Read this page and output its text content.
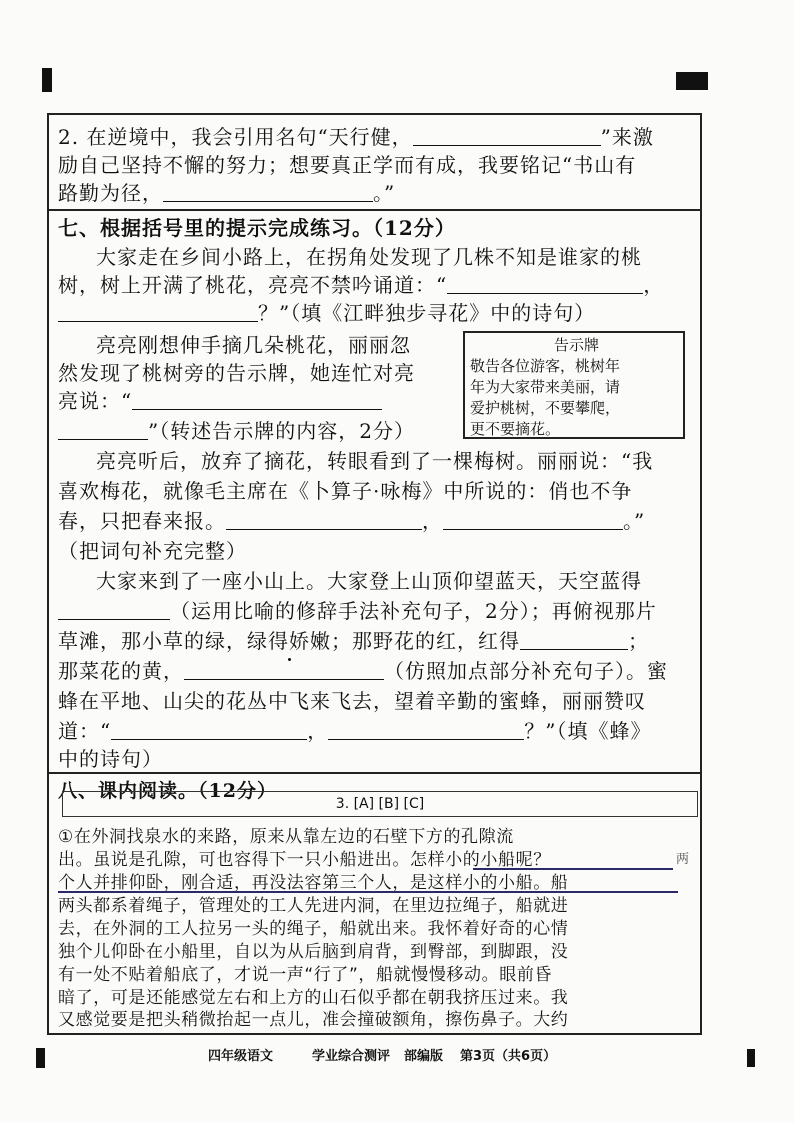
2. 在逆境中，我会引用名句“天行健，	”来激
励自己坚持不懈的努力；想要真正学而有成，我要铭记“书山有
路勤为径，	。”
七、根据括号里的提示完成练习。（12分）
大家走在乡间小路上，在拐角处发现了几株不知是谁家的桃
树，树上开满了桃花，亮亮不禁吟诵道：“	，
？”（填《江畔独步寻花》中的诗句）
亮亮刚想伸手摘几朵桃花，丽丽忽
然发现了桃树旁的告示牌，她连忙对亮
亮说：“
”（转述告示牌的内容，2分）
告示牌
敬告各位游客，桃树年
年为大家带来美丽，请
爱护桃树，不要攀爬，
更不要摘花。
亮亮听后，放弃了摘花，转眼看到了一棵梅树。丽丽说：“我
喜欢梅花，就像毛主席在《卜算子·咏梅》中所说的：俏也不争
春，只把春来报。	，	。”
（把词句补充完整）
大家来到了一座小山上。大家登上山顶仰望蓝天，天空蓝得
（运用比喻的修辞手法补充句子，2分）；再俯视那片
草滩，那小草的绿，绿得娇嫩；那野花的红，红得	；
那菜花的黄，	（仿照加点部分补充句子）。蜜
蜂在平地、山尖的花丛中飞来飞去，望着辛勤的蜜蜂，丽丽赞叹
道：“	，	？”（填《蜂》
中的诗句）
八、课内阅读。（12分）
3. [A] [B] [C]
①在外洞找泉水的来路，原来从靠左边的石壁下方的孔隙流
出。虽说是孔隙，可也容得下一只小船进出。怎样小的小船呢？
个人并排仰卧，刚合适，再没法容第三个人，是这样小的小船。船
两头都系着绳子，管理处的工人先进内洞，在里边拉绳子，船就进
去，在外洞的工人拉另一头的绳子，船就出来。我怀着好奇的心情
独个儿仰卧在小船里，自以为从后脑到肩背，到臀部，到脚跟，没
有一处不贴着船底了，才说一声“行了”，船就慢慢移动。眼前昏
暗了，可是还能感觉左右和上方的山石似乎都在朝我挤压过来。我
又感觉要是把头稍微抬起一点儿，准会撞破额角，擦伤鼻子。大约
两
四年级语文	学业综合测评 部编版 第3页（共6页）
